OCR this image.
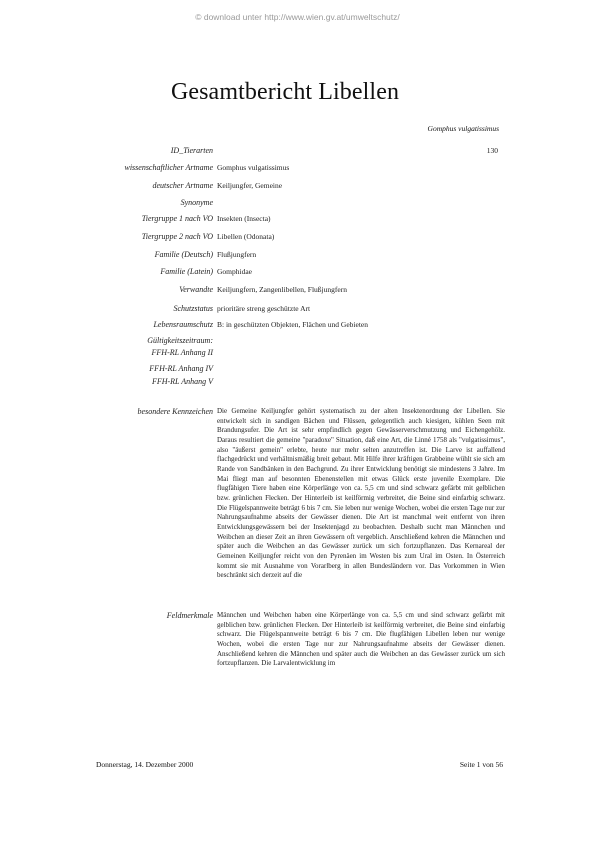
© download unter http://www.wien.gv.at/umweltschutz/
Gesamtbericht Libellen
Gomphus vulgatissimus
ID_Tierarten	130
wissenschaftlicher Artname Gomphus vulgatissimus
deutscher Artname Keiljungfer, Gemeine
Synonyme
Tiergruppe 1 nach VO Insekten (Insecta)
Tiergruppe 2 nach VO Libellen (Odonata)
Familie (Deutsch) Flußjungfern
Familie (Latein) Gomphidae
Verwandte Keiljungfern, Zangenlibellen, Flußjungfern
Schutzstatus prioritäre streng geschützte Art
Lebensraumschutz B: in geschützten Objekten, Flächen und Gebieten
Gültigkeitszeitraum:
FFH-RL Anhang II
FFH-RL Anhang IV
FFH-RL Anhang V
besondere Kennzeichen Die Gemeine Keiljungfer gehört systematisch zu der alten Insektenordnung der Libellen. Sie entwickelt sich in sandigen Bächen und Flüssen, gelegentlich auch kiesigen, kühlen Seen mit Brandungsufer. Die Art ist sehr empfindlich gegen Gewässerverschmutzung und Eichengehölz. Daraus resultiert die gemeine "paradoxe" Situation, daß eine Art, die Linné 1758 als "vulgatissimus", also "äußerst gemein" erlebte, heute nur mehr selten anzutreffen ist. Die Larve ist auffallend flachgedrückt und verhältnismäßig breit gebaut. Mit Hilfe ihrer kräftigen Grabbeine wühlt sie sich am Rande von Sandbänken in den Bachgrund. Zu ihrer Entwicklung benötigt sie mindestens 3 Jahre. Im Mai fliegt man auf besonnten Ebenenstellen mit etwas Glück erste juvenile Exemplare. Die flugfähigen Tiere haben eine Körperlänge von ca. 5,5 cm und sind schwarz gefärbt mit gelblichen bzw. grünlichen Flecken. Der Hinterleib ist keilförmig verbreitet, die Beine sind einfarbig schwarz. Die Flügelspannweite beträgt 6 bis 7 cm. Sie leben nur wenige Wochen, wobei die ersten Tage nur zur Nahrungsaufnahme abseits der Gewässer dienen. Die Art ist manchmal weit entfernt von ihren Entwicklungsgewässern bei der Insektenjagd zu beobachten. Deshalb sucht man Männchen und Weibchen an dieser Zeit an ihren Gewässern oft vergeblich. Anschließend kehren die Männchen und später auch die Weibchen an das Gewässer zurück um sich fortzupflanzen. Das Kernareal der Gemeinen Keiljungfer reicht von den Pyrenäen im Westen bis zum Ural im Osten. In Österreich kommt sie mit Ausnahme von Vorarlberg in allen Bundesländern vor. Das Vorkommen in Wien beschränkt sich derzeit auf die
Feldmerkmale Männchen und Weibchen haben eine Körperlänge von ca. 5,5 cm und sind schwarz gefärbt mit gelblichen bzw. grünlichen Flecken. Der Hinterleib ist keilförmig verbreitet, die Beine sind einfarbig schwarz. Die Flügelspannweite beträgt 6 bis 7 cm. Die flugfähigen Libellen leben nur wenige Wochen, wobei die ersten Tage nur zur Nahrungsaufnahme abseits der Gewässer dienen. Anschließend kehren die Männchen und später auch die Weibchen an das Gewässer zurück um sich fortzupflanzen. Die Larvalentwicklung im
Donnerstag, 14. Dezember 2000	Seite 1 von 56
